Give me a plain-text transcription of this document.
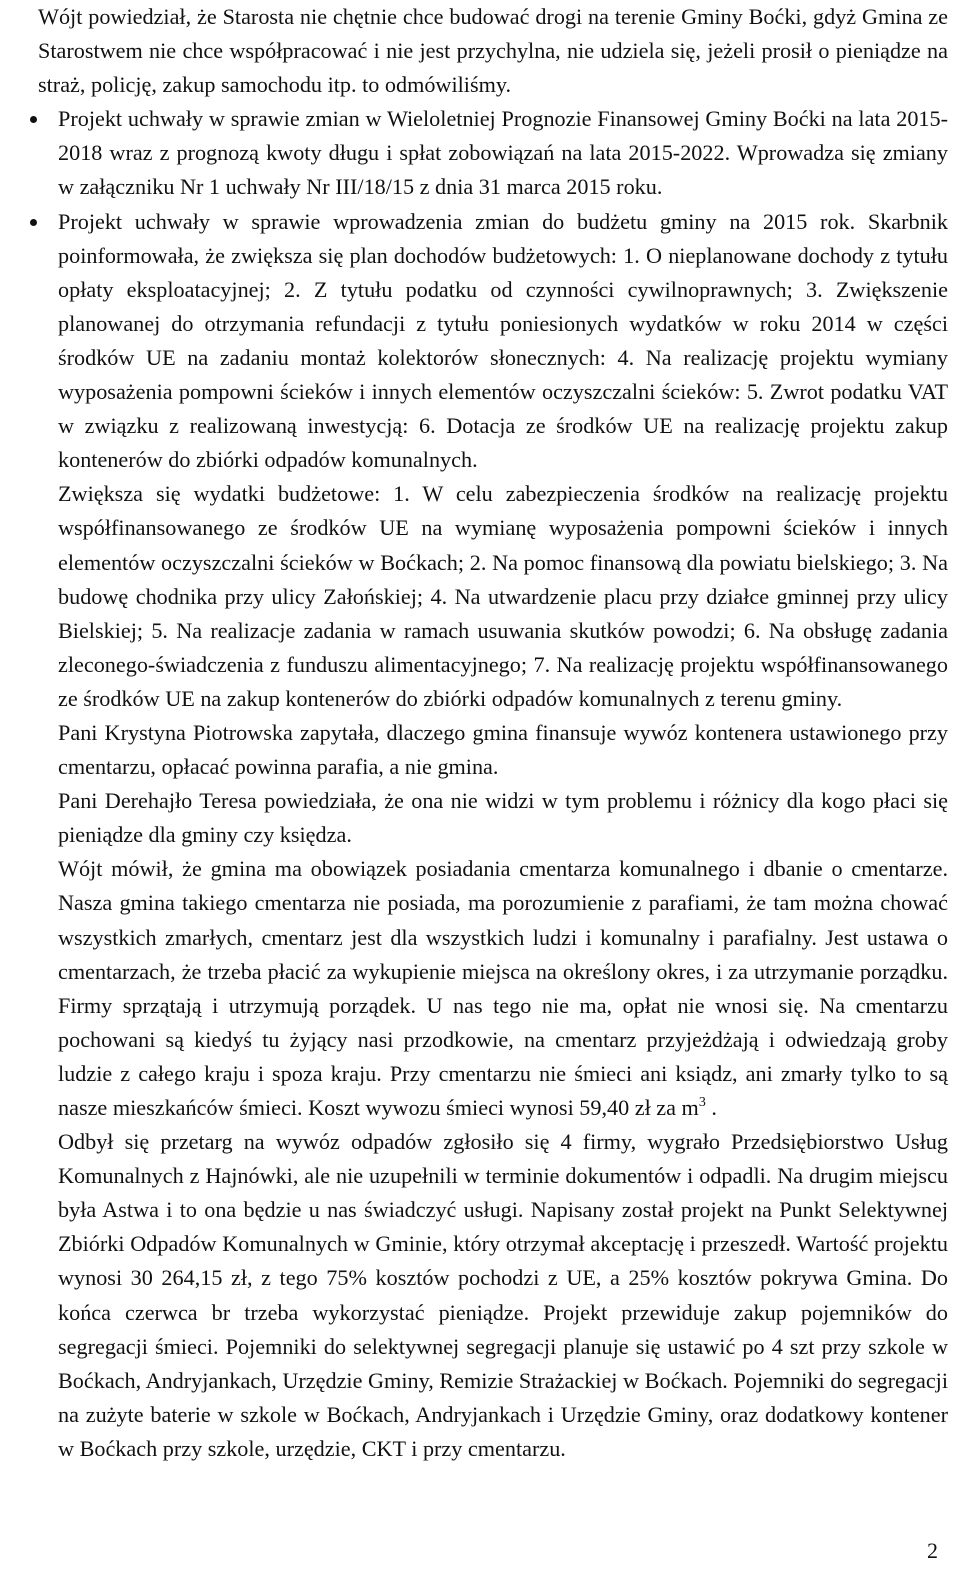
Wójt powiedział, że Starosta nie chętnie chce budować drogi na terenie Gminy Boćki, gdyż Gmina ze Starostwem nie chce współpracować i nie jest przychylna, nie udziela się, jeżeli prosił o pieniądze na straż, policję, zakup samochodu itp. to odmówiliśmy.

Projekt uchwały w sprawie zmian w Wieloletniej Prognozie Finansowej Gminy Boćki na lata 2015-2018 wraz z prognozą kwoty długu i spłat zobowiązań na lata 2015-2022. Wprowadza się zmiany w załączniku Nr 1 uchwały Nr III/18/15 z dnia 31 marca 2015 roku.
Projekt uchwały w sprawie wprowadzenia zmian do budżetu gminy na 2015 rok. Skarbnik poinformowała, że zwiększa się plan dochodów budżetowych: 1. O nieplanowane dochody z tytułu opłaty eksploatacyjnej; 2. Z tytułu podatku od czynności cywilnoprawnych; 3. Zwiększenie planowanej do otrzymania refundacji z tytułu poniesionych wydatków w roku 2014 w części środków UE na zadaniu montaż kolektorów słonecznych: 4. Na realizację projektu wymiany wyposażenia pompowni ścieków i innych elementów oczyszczalni ścieków: 5. Zwrot podatku VAT w związku z realizowaną inwestycją: 6. Dotacja ze środków UE na realizację projektu zakup kontenerów do zbiórki odpadów komunalnych.

Zwiększa się wydatki budżetowe: 1. W celu zabezpieczenia środków na realizację projektu współfinansowanego ze środków UE na wymianę wyposażenia pompowni ścieków i innych elementów oczyszczalni ścieków w Boćkach; 2. Na pomoc finansową dla powiatu bielskiego; 3. Na budowę chodnika przy ulicy Załońskiej; 4. Na utwardzenie placu przy działce gminnej przy ulicy Bielskiej; 5. Na realizacje zadania w ramach usuwania skutków powodzi; 6. Na obsługę zadania zleconego-świadczenia z funduszu alimentacyjnego; 7. Na realizację projektu współfinansowanego ze środków UE na zakup kontenerów do zbiórki odpadów komunalnych z terenu gminy.

Pani Krystyna Piotrowska zapytała, dlaczego gmina finansuje wywóz kontenera ustawionego przy cmentarzu, opłacać powinna parafia, a nie gmina.

Pani Derehajło Teresa powiedziała, że ona nie widzi w tym problemu i różnicy dla kogo płaci się pieniądze dla gminy czy księdza.

Wójt mówił, że gmina ma obowiązek posiadania cmentarza komunalnego i dbanie o cmentarze. Nasza gmina takiego cmentarza nie posiada, ma porozumienie z parafiami, że tam można chować wszystkich zmarłych, cmentarz jest dla wszystkich ludzi i komunalny i parafialny. Jest ustawa o cmentarzach, że trzeba płacić za wykupienie miejsca na określony okres, i za utrzymanie porządku. Firmy sprzątają i utrzymują porządek. U nas tego nie ma, opłat nie wnosi się. Na cmentarzu pochowani są kiedyś tu żyjący nasi przodkowie, na cmentarz przyjeżdżają i odwiedzają groby ludzie z całego kraju i spoza kraju. Przy cmentarzu nie śmieci ani ksiądz, ani zmarły tylko to są nasze mieszkańców śmieci. Koszt wywozu śmieci wynosi 59,40 zł za $m^3$ .

Odbył się przetarg na wywóz odpadów zgłosiło się 4 firmy, wygrało Przedsiębiorstwo Usług Komunalnych z Hajnówki, ale nie uzupełnili w terminie dokumentów i odpadli. Na drugim miejscu była Astwa i to ona będzie u nas świadczyć usługi. Napisany został projekt na Punkt Selektywnej Zbiórki Odpadów Komunalnych w Gminie, który otrzymał akceptację i przeszedł. Wartość projektu wynosi 30 264,15 zł, z tego 75% kosztów pochodzi z UE, a 25% kosztów pokrywa Gmina. Do końca czerwca br trzeba wykorzystać pieniądze. Projekt przewiduje zakup pojemników do segregacji śmieci. Pojemniki do selektywnej segregacji planuje się ustawić po 4 szt przy szkole w Boćkach, Andryjankach, Urzędzie Gminy, Remizie Strażackiej w Boćkach. Pojemniki do segregacji na zużyte baterie w szkole w Boćkach, Andryjankach i Urzędzie Gminy, oraz dodatkowy kontener w Boćkach przy szkole, urzędzie, CKT i przy cmentarzu.

2
